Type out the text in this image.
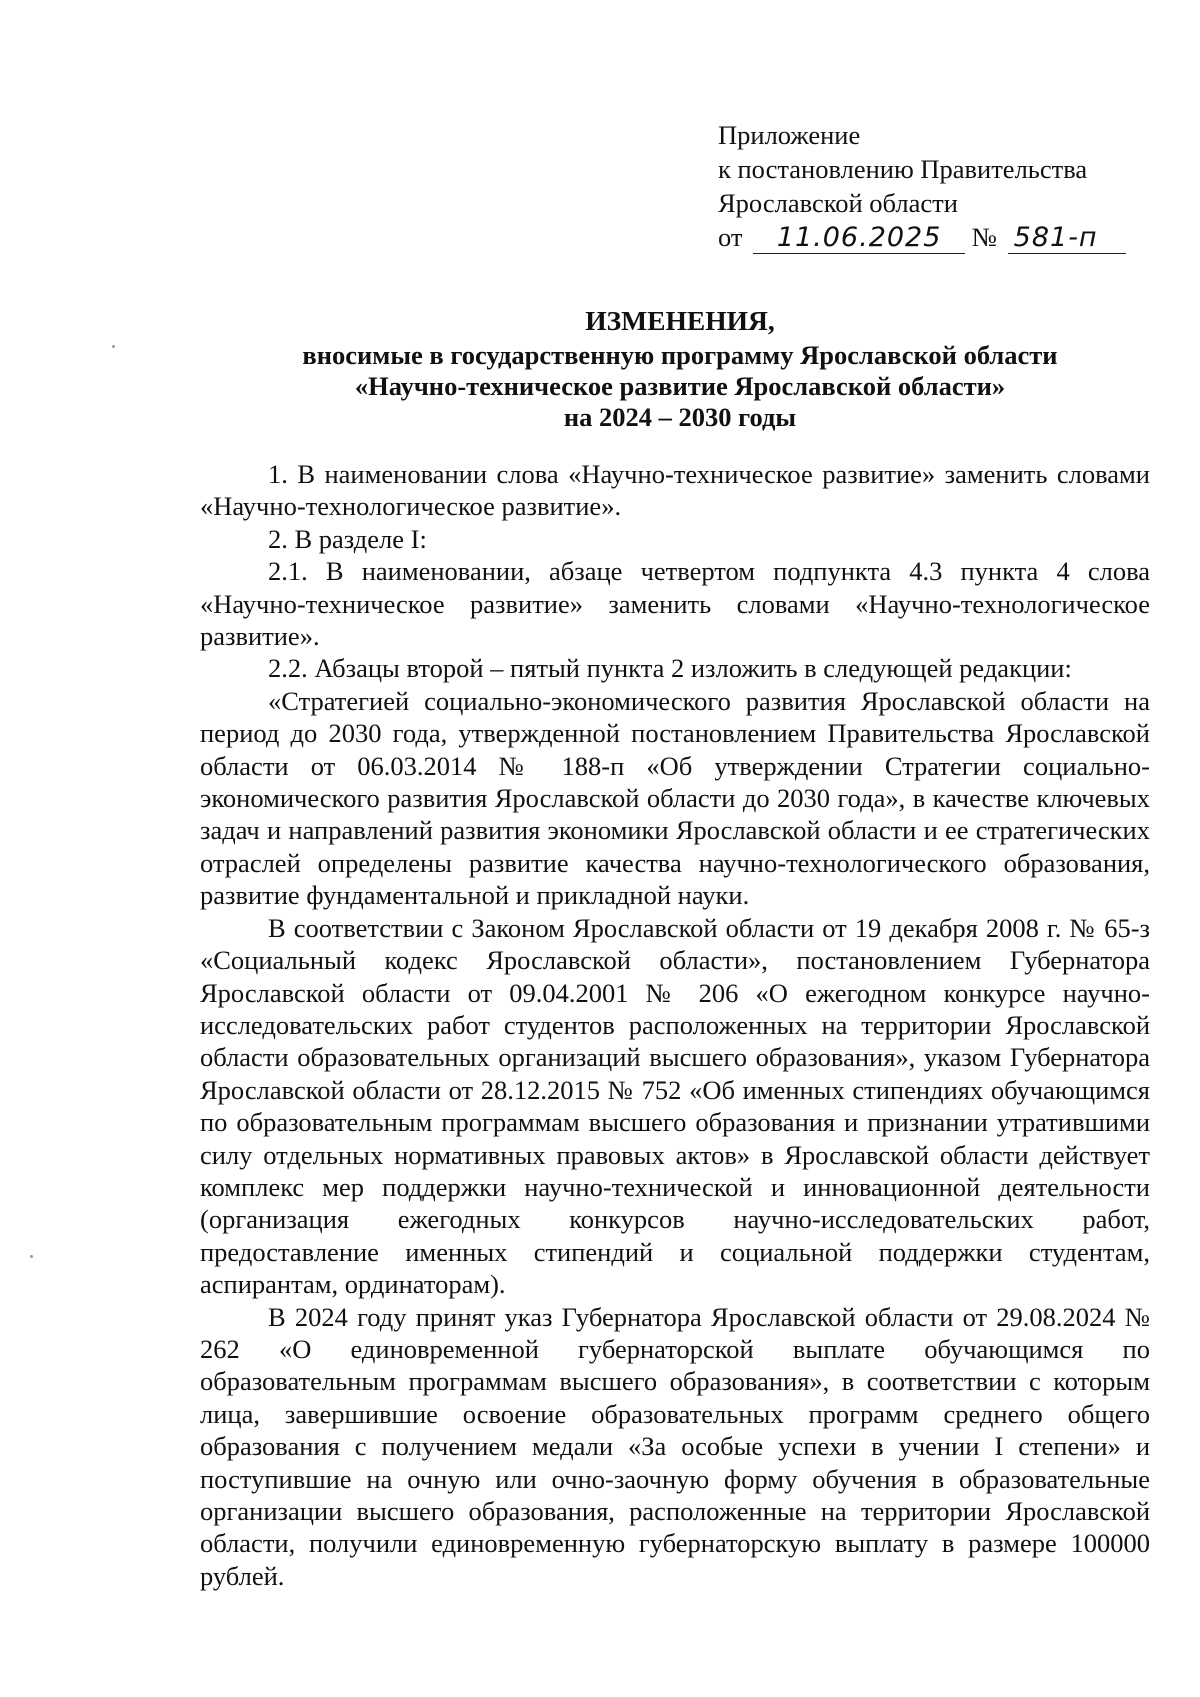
Приложение
к постановлению Правительства
Ярославской области
от 11.06.2025 № 581-п
ИЗМЕНЕНИЯ,
вносимые в государственную программу Ярославской области
«Научно-техническое развитие Ярославской области»
на 2024 – 2030 годы

1. В наименовании слова «Научно-техническое развитие» заменить словами «Научно-технологическое развитие».

2. В разделе I:

2.1. В наименовании, абзаце четвертом подпункта 4.3 пункта 4 слова «Научно-техническое развитие» заменить словами «Научно-технологическое развитие».

2.2. Абзацы второй – пятый пункта 2 изложить в следующей редакции:

«Стратегией социально-экономического развития Ярославской области на период до 2030 года, утвержденной постановлением Правительства Ярославской области от 06.03.2014 № 188-п «Об утверждении Стратегии социально-экономического развития Ярославской области до 2030 года», в качестве ключевых задач и направлений развития экономики Ярославской области и ее стратегических отраслей определены развитие качества научно-технологического образования, развитие фундаментальной и прикладной науки.

В соответствии с Законом Ярославской области от 19 декабря 2008 г. № 65-з «Социальный кодекс Ярославской области», постановлением Губернатора Ярославской области от 09.04.2001 № 206 «О ежегодном конкурсе научно-исследовательских работ студентов расположенных на территории Ярославской области образовательных организаций высшего образования», указом Губернатора Ярославской области от 28.12.2015 № 752 «Об именных стипендиях обучающимся по образовательным программам высшего образования и признании утратившими силу отдельных нормативных правовых актов» в Ярославской области действует комплекс мер поддержки научно-технической и инновационной деятельности (организация ежегодных конкурсов научно-исследовательских работ, предоставление именных стипендий и социальной поддержки студентам, аспирантам, ординаторам).

В 2024 году принят указ Губернатора Ярославской области от 29.08.2024 № 262 «О единовременной губернаторской выплате обучающимся по образовательным программам высшего образования», в соответствии с которым лица, завершившие освоение образовательных программ среднего общего образования с получением медали «За особые успехи в учении I степени» и поступившие на очную или очно-заочную форму обучения в образовательные организации высшего образования, расположенные на территории Ярославской области, получили единовременную губернаторскую выплату в размере 100000 рублей.
